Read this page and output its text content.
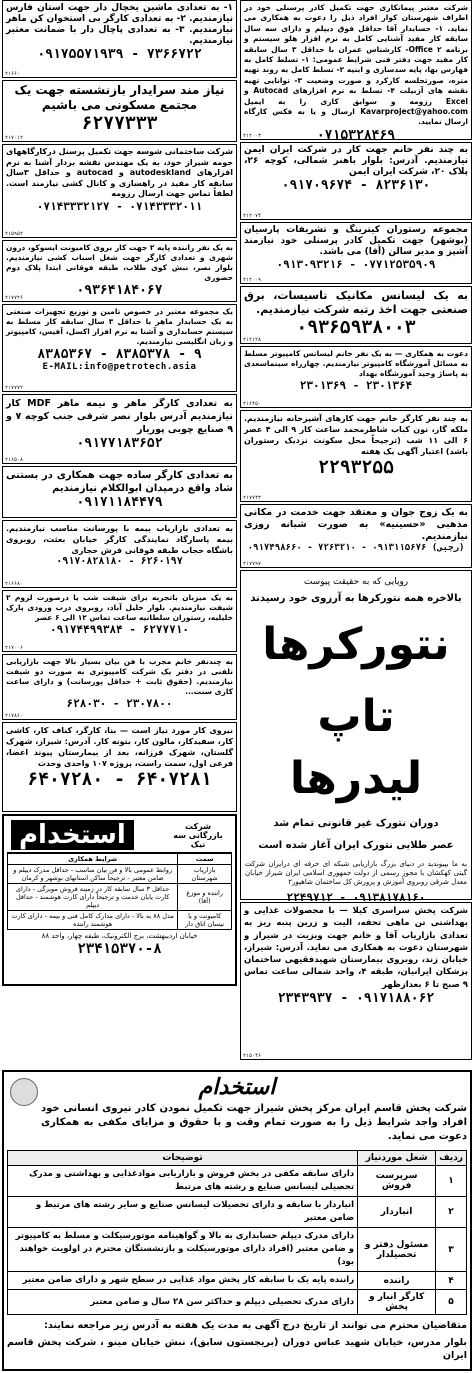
شرکت معتبر پیمانکاری جهت تکمیل کادر پرسنلی خود در اطراف شهرستان کوار افراد ذیل را دعوت به همکاری می نماید. ۱- حسابدار آقا حداقل فوق دیپلم و دارای سه سال سابقه کار مفید آشنایی کامل به نرم افزار هلو سیستم و برنامه Office ۲- کارشناس عمران با حداقل ۳ سال سابقه کار مفید جهت دفتر فنی شرایط عمومی: ۱- تسلط کامل به فهارس بها، پایه سدسازی و ابنیه ۲- تسلط کامل به روند تهیه متره، صورتجلسه کارکرد و صورت وضعیت ۳- توانایی تهیه نقشه های آزبیلت ۴- تسلط به نرم افزارهای Autocad و Excel رزومه و سوابق کاری را به ایمیل Kavarproject@yahoo.com ارسال و یا به فکس کارگاه ارسال نمایید.
۰۷۱۵۳۲۸۴۶۹
۲۱۲۰۰۳
به چند نفر خانم جهت کار در شرکت ایران ایمن نیازمندیم. آدرس: بلوار باهنر شمالی، کوچه ۲۶، پلاک ۲۰، شرکت ایران ایمن
۰۹۱۷۰۹۶۷۴ - ۸۲۳۶۱۳۰
۲۱۲۰۷۴
مجموعه رستوران کیترینگ و تشریفات پارسیان (بوشهر) جهت تکمیل کادر پرسنلی خود نیازمند آشپز و مدیر سالن (آقا) می باشد.
۰۹۱۳۰۹۳۲۱۶ - ۰۷۷۱۲۵۳۵۹۰۹
۲۱۲۰۰۹
به یک لیسانس مکانیک تاسیسات، برق صنعتی جهت اخذ رتبه شرکت نیازمندیم.
۰۹۳۶۵۹۳۸۰۰۳
۲۱۲۱۲۸
دعوت به همکاری — به یک نفر خانم لیسانس کامپیوتر مسلط به مسائل آموزشگاه کامپیوتر نیازمندیم. چهارراه سینماسعدی به پاساژ وحید آموزشگاه بهداد
۲۳۰۱۳۶۹ - ۲۳۰۱۳۶۴
۲۱۶۴۵۰
به چند نفر کارگر خانم جهت کارهای آشپزخانه نیازمندیم. ملکه گاز، نون کباب شاطرمحمد ساعت کار ۹ الی ۴ عصر ۶ الی ۱۱ شب (ترجیحاً محل سکونت نزدیک رستوران باشد) اعتبار آگهی یک هفته
۲۲۹۳۲۵۵
۲۱۷۷۴۳
به یک زوج جوان و معتقد جهت خدمت در مکانی مذهبی «حسینیه» به صورت شبانه روزی نیازمندیم.
۰۹۱۷۴۹۸۶۶۰ - ۷۲۶۳۲۱۰ - ۰۹۱۳۱۱۵۶۷۶ (رجبی)
۲۱۷۷۹۷
رویایی که به حقیقت پیوست
بالاخره همه نتورکرها به آرزوی خود رسیدند
نتورکرها
تاپ لیدرها
دوران نتورک غیر قانونی تمام شد
عصر طلایی نتورک ایران آغاز شده است
به ما بپیوندید در دنیای بزرگ بازاریابی شبکه ای حرفه ای درایران شرکت گیتی کهکشان با مجوز رسمی از دولت جمهوری اسلامی ایران شیراز خیابان معدل شرقی روبروی آموزش و پرورش کل ساختمان شاهپور۲
۲۲۴۹۷۱۲ - ۰۹۱۳۸۱۷۸۱۶۰
شرکت پخش سراسری کیلا — با محصولات غذایی و بهداشتی تن ماهی تحفه، الیت و زرین پنبه ریز به تعدادی بازاریاب آقا و خانم جهت ویزیت در شیراز و شهرستان دعوت به همکاری می نماید. آدرس: شیراز، خیابان زند، روبروی بیمارستان شهیدفقیهی ساختمان پزشکان ایرانیان، طبقه ۴، واحد شمالی ساعت تماس ۹ صبح تا ۶ بعدازظهر
۲۳۴۳۹۳۷ - ۰۹۱۷۱۸۸۰۶۲
۲۱۵۰۴۶
۱- به تعدادی ماشین یخچال دار جهت استان فارس نیازمندیم. ۲- به تعدادی کارگر بی استخوان کن ماهر نیازمندیم. ۳- به تعدادی پاچال دار با ضمانت معتبر نیازمندیم.
۰۹۱۷۵۵۷۱۹۳۹ - ۷۳۶۶۷۲۲
۲۱۶۶۰
نیاز مند سرایدار بازنشسته جهت یک مجتمع مسکونی می باشیم
۶۲۷۷۳۳۳
۲۱۷۰۱۲
شرکت ساختمانی شوسه جهت تکمیل پرسنل درکارگاههای حومه شیراز خود، به یک مهندس نقشه بردار آشنا به نرم افزارهای autodeskland و autocad و حداقل ۳سال سابقه کار مفید در راهسازی و کانال کشی نیازمند است. لطفاً تماس جهت ارسال رزومه
۰۷۱۴۳۳۳۲۱۲۷ - ۰۷۱۴۳۳۳۲۰۱۱
۲۱۵۹۵۲
به یک نفر راننده پایه ۲ جهت کار بروی کامیونت ایسوکو، درون شهری و تعدادی کارگر جهت شغل اسباب کشی نیازمندیم. بلوار نصر، نبش کوی طلاب، طبقه فوقانی ابتدا پلاک دوم حضوری
۰۹۳۶۴۱۸۴۰۶۷
۲۱۷۷۲۶
یک مجموعه معتبر در خصوص تامین و توزیع تجهیزات صنعتی به یک حسابدار ماهر با حداقل ۳ سال سابقه کار مسلط به سیستم حسابداری و آشنا به نرم افزار اکسل، آفیس، کامپیوتر و زبان انگلیسی نیازمندیم.
۸۳۸۵۳۶۷ - ۸۳۸۵۳۷۸ - ۹
E-MAIL:info@petrotech.asia
۲۱۷۷۷۲
به تعدادی کارگر ماهر و نیمه ماهر MDF کار نیازمندیم آدرس بلوار نصر شرقی جنب کوچه ۷ و ۹ صنایع چوبی پوریار
۰۹۱۷۷۱۸۳۶۵۲
۲۱۶۵۰۸
به تعدادی کارگر ساده جهت همکاری در بستنی شاد واقع درمیدان ابوالکلام نیازمندیم
۰۹۱۷۱۱۸۴۴۷۹
به تعدادی بازاریاب بیمه با پورسانت مناسب نیازمندیم. بیمه پاسارگاد نمایندگی کارگر خیابان بعثت، روبروی باشگاه حجاب طبقه فوقانی فرش حجازی
۰۹۱۷۰۸۲۸۱۸۰ - ۶۲۶۰۱۹۷
۲۱۶۶۸۰
به یک میزبان باتجربه برای شیفت شب یا درصورت لزوم ۲ شیفت نیازمندیم. بلوار خلیل آباد، روبروی درب ورودی پارک خلیلیه، رستوران سلطانیه ساعت تماس ۱۲ الی ۶ عصر
۰۹۱۷۴۴۹۹۳۸۴ - ۶۲۷۷۷۱۰
۲۱۷۰۰۶
به چندنفر خانم مجرب با فن بیان بسیار بالا جهت بازاریابی تلفنی در دفتر یک شرکت کامپیوتری به صورت دو شیفت نیازمندیم. (حقوق ثابت + حداقل پورسانت) و دارای ساعت کاری سنت...
۶۲۸۰۳۰ - ۲۳۰۷۸۰۰
۲۱۷۸۶۰
نیروی کار مورد نیاز است — بنا، کارگر، کناف کار، کاشی کار، سفیدکار، مالون کار، بتونه کار. آدرس: شیراز، شهرک گلستان، شهرک فرزانه، بعد از بیمارستان پیوند اعضا، فرعی اول، سمت راست، پروژه ۱۰۷ واحدی وحدت
۶۴۰۷۲۸۰ - ۶۴۰۷۲۸۱
شرکت بازرگانی سه نیک
استخدام
سمت	شرایط همکاری
بازاریاب شهرستان	روابط عمومی بالا و فن بیان مناسب - حداقل مدرک دیپلم و ضامن معتبر - ترجیحاً ساکن استانهای بوشهر و کرمان
راننده و موزع (آقا)	حداقل ۳ سال سابقه کار در زمینه فروش مویرگی - دارای کارت پایان خدمت و ترجیحاً دارای کارت هوشمند - حداقل دیپلم
کامیونت و یا نیسان اتاق دار	مدل ۸۸ به بالا - دارای مدارک کامل فنی و بیمه - دارای کارت هوشمند راننده
خیابان اردیبهشت، برج الکترونیک، طبقه چهار، واحد ۸۸
۲۳۴۱۵۳۷۰-۸
استخدام
شرکت پخش قاسم ایران مرکز پخش شیراز جهت تکمیل نمودن کادر نیروی انسانی خود افراد واجد شرایط ذیل را به صورت تمام وقت و با حقوق و مزایای مکفی به همکاری دعوت می نماید.
ردیف	شغل موردنیاز	توضیحات
۱	سرپرست فروش	دارای سابقه مکفی در بخش فروش و بازاریابی موادغذایی و بهداشتی و مدرک تحصیلی لیسانس صنایع و رشته های مرتبط
۲	انباردار	انباردار با سابقه و دارای تحصیلات لیسانس صنایع و سایر رشته های مرتبط و ضامن معتبر
۳	مسئول دفتر و تحصیلدار	دارای مدرک دیپلم حسابداری به بالا و گواهینامه موتورسیکلت و مسلط به کامپیوتر و ضامن معتبر (افراد دارای موتورسیکلت و بازنشستگان محترم در اولویت خواهند بود)
۴	راننده	راننده پایه یک با سابقه کار پخش مواد غذایی در سطح شهر و دارای ضامن معتبر
۵	کارگر انبار و پخش	دارای مدرک تحصیلی دیپلم و حداکثر سن ۲۸ سال و ضامن معتبر
متقاضیان محترم می توانند از تاریخ درج آگهی به مدت یک هفته به آدرس زیر مراجعه نمایند:
بلوار مدرس، خیابان شهید عباس دوران (بریجستون سابق)، نبش خیابان مینو ، شرکت پخش قاسم ایران
